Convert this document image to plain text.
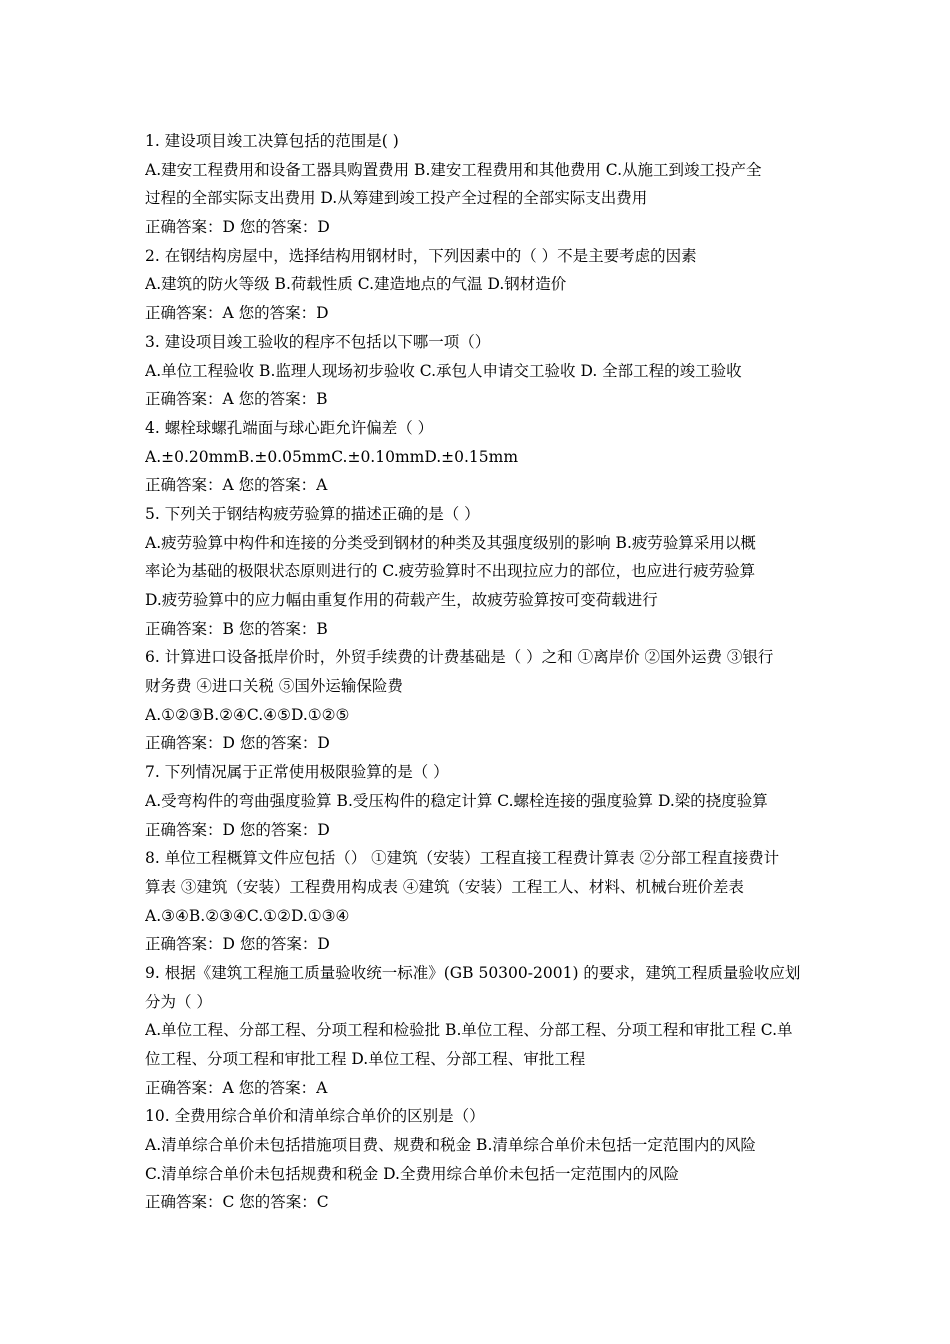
1. 建设项目竣工决算包括的范围是( )
A.建安工程费用和设备工器具购置费用 B.建安工程费用和其他费用 C.从施工到竣工投产全
过程的全部实际支出费用 D.从筹建到竣工投产全过程的全部实际支出费用
正确答案：D 您的答案：D
2. 在钢结构房屋中，选择结构用钢材时，下列因素中的（ ）不是主要考虑的因素
A.建筑的防火等级 B.荷载性质 C.建造地点的气温 D.钢材造价
正确答案：A 您的答案：D
3. 建设项目竣工验收的程序不包括以下哪一项（）
A.单位工程验收 B.监理人现场初步验收 C.承包人申请交工验收 D. 全部工程的竣工验收
正确答案：A 您的答案：B
4. 螺栓球螺孔端面与球心距允许偏差（ ）
A.±0.20mmB.±0.05mmC.±0.10mmD.±0.15mm
正确答案：A 您的答案：A
5. 下列关于钢结构疲劳验算的描述正确的是（ ）
A.疲劳验算中构件和连接的分类受到钢材的种类及其强度级别的影响 B.疲劳验算采用以概
率论为基础的极限状态原则进行的 C.疲劳验算时不出现拉应力的部位，也应进行疲劳验算
D.疲劳验算中的应力幅由重复作用的荷载产生，故疲劳验算按可变荷载进行
正确答案：B 您的答案：B
6. 计算进口设备抵岸价时，外贸手续费的计费基础是（ ）之和 ①离岸价 ②国外运费 ③银行
财务费 ④进口关税 ⑤国外运输保险费
A.①②③B.②④C.④⑤D.①②⑤
正确答案：D 您的答案：D
7. 下列情况属于正常使用极限验算的是（ ）
A.受弯构件的弯曲强度验算 B.受压构件的稳定计算 C.螺栓连接的强度验算 D.梁的挠度验算
正确答案：D 您的答案：D
8. 单位工程概算文件应包括（） ①建筑（安装）工程直接工程费计算表 ②分部工程直接费计
算表 ③建筑（安装）工程费用构成表 ④建筑（安装）工程工人、材料、机械台班价差表
A.③④B.②③④C.①②D.①③④
正确答案：D 您的答案：D
9. 根据《建筑工程施工质量验收统一标准》(GB 50300-2001) 的要求，建筑工程质量验收应划
分为（ ）
A.单位工程、分部工程、分项工程和检验批 B.单位工程、分部工程、分项工程和审批工程 C.单
位工程、分项工程和审批工程 D.单位工程、分部工程、审批工程
正确答案：A 您的答案：A
10. 全费用综合单价和清单综合单价的区别是（）
A.清单综合单价未包括措施项目费、规费和税金 B.清单综合单价未包括一定范围内的风险
C.清单综合单价未包括规费和税金 D.全费用综合单价未包括一定范围内的风险
正确答案：C 您的答案：C
